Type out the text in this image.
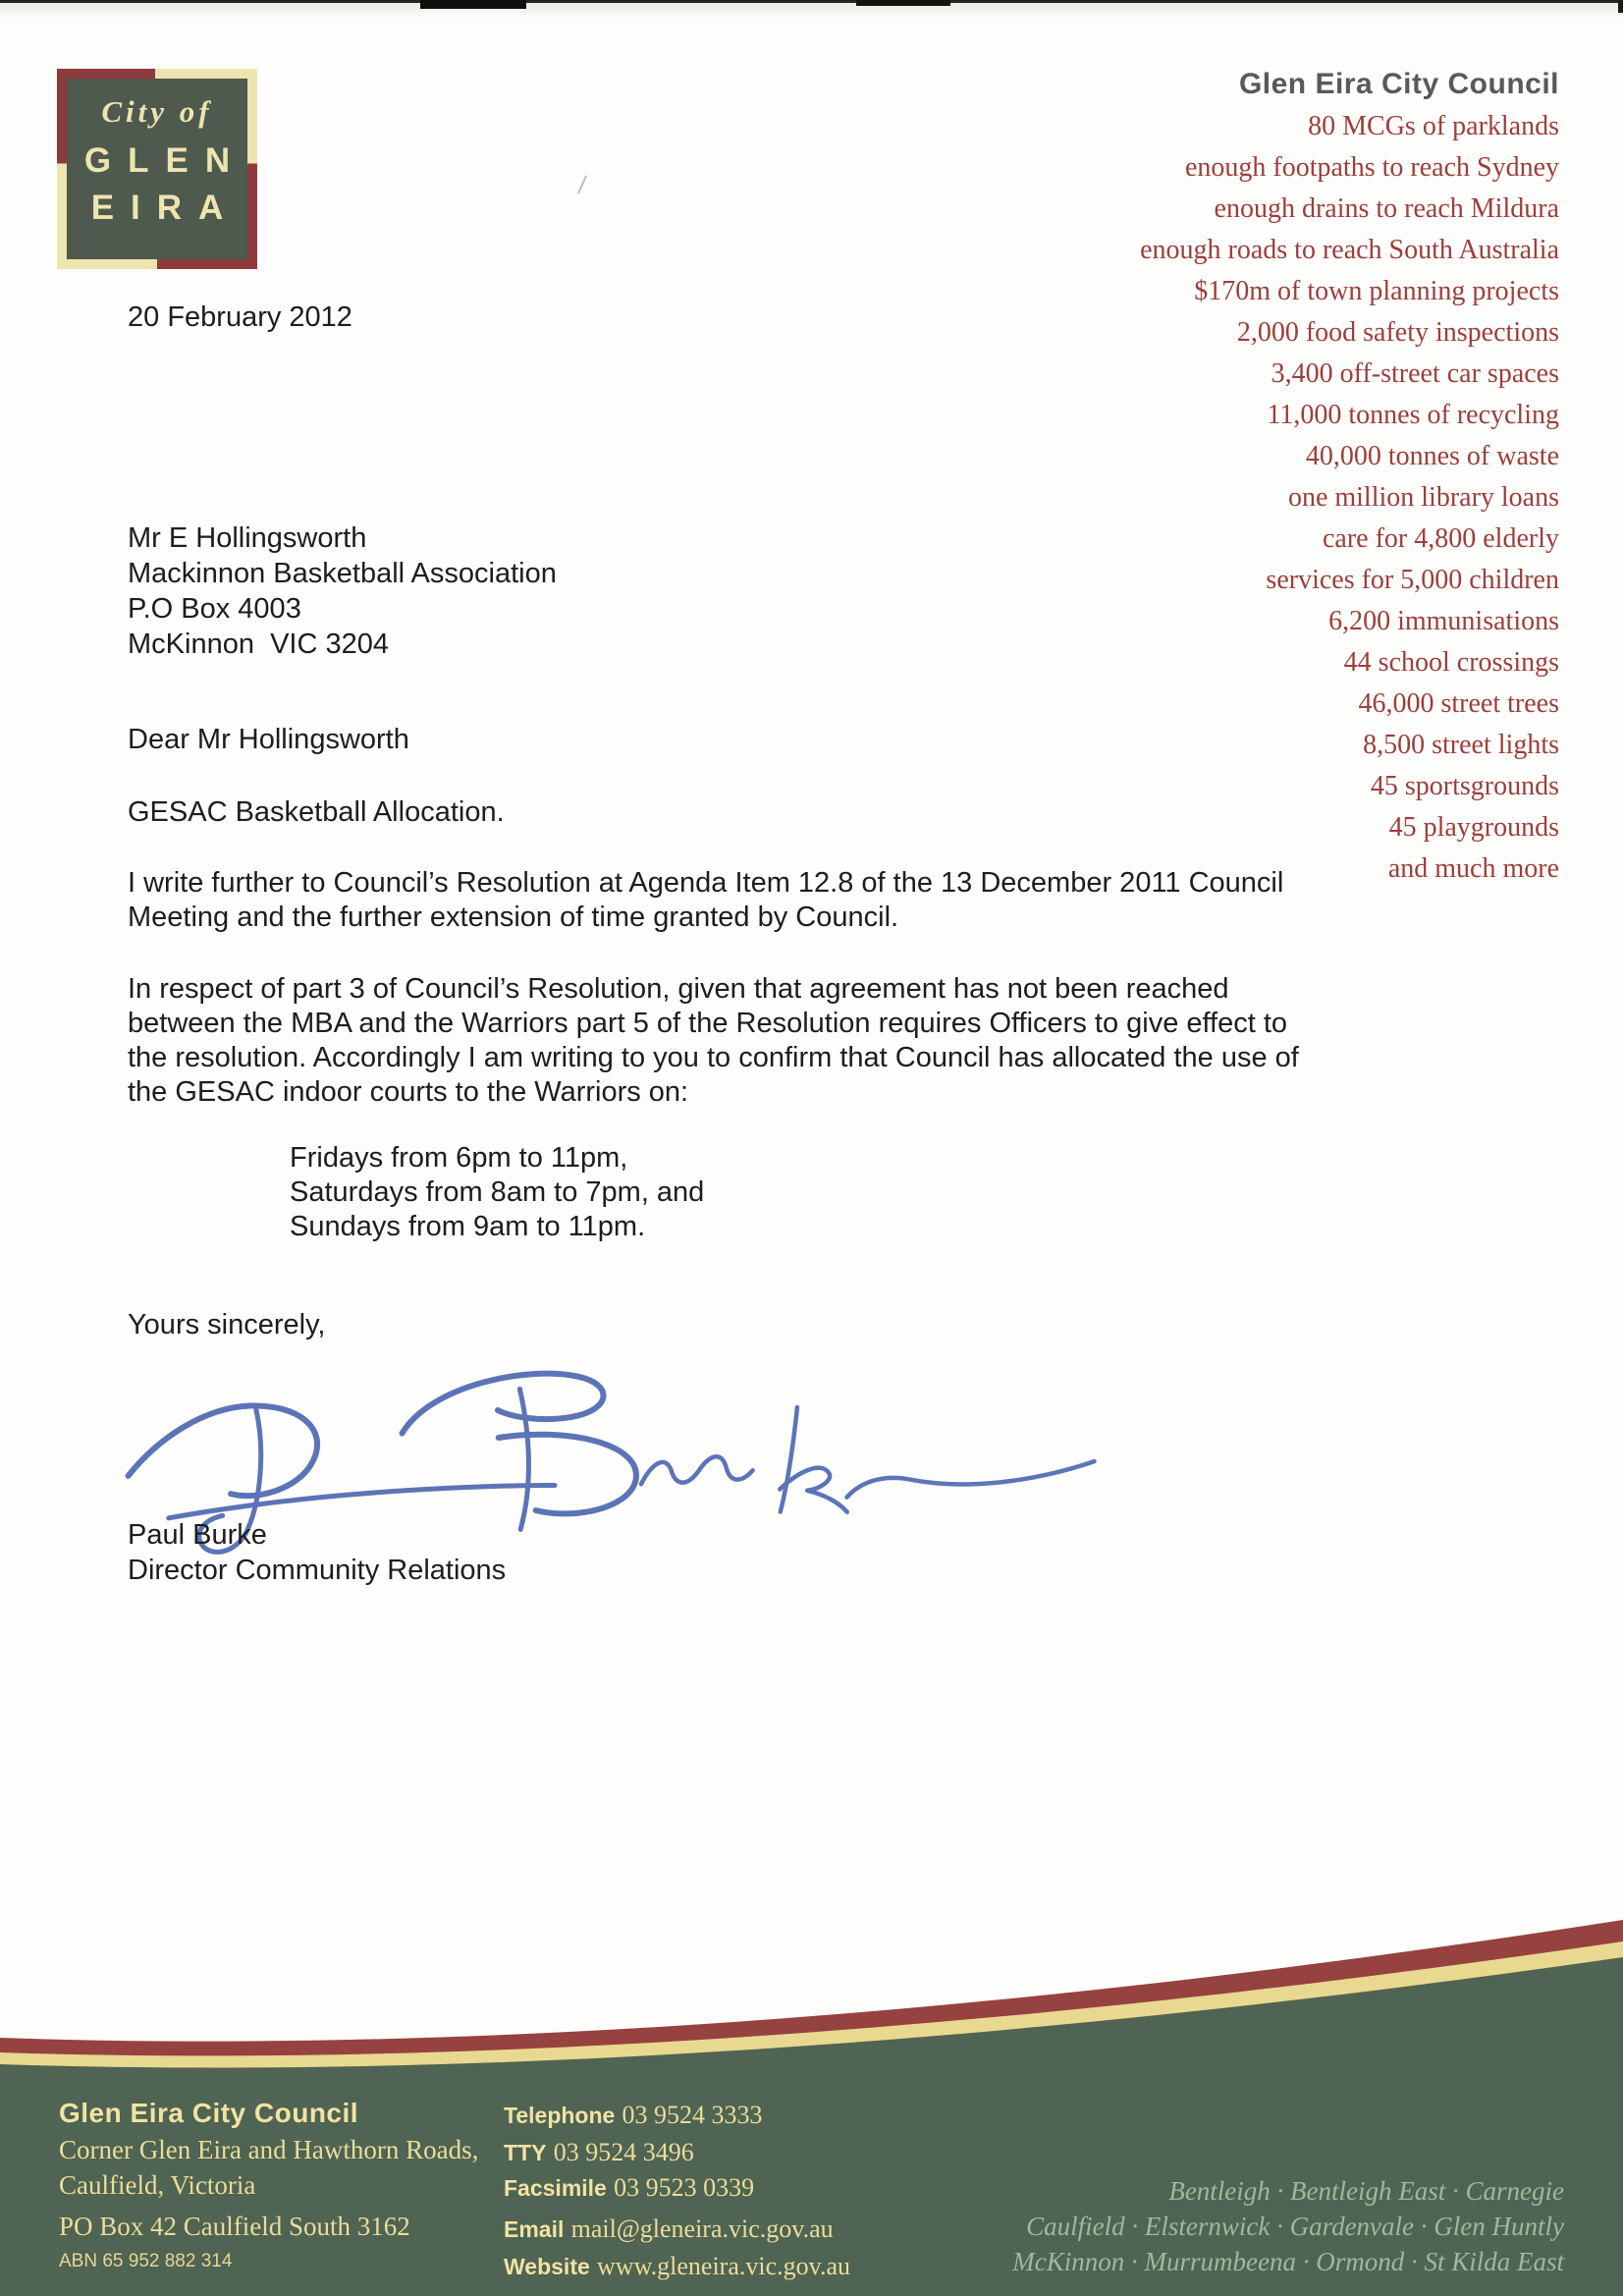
City of
GLEN
EIRA
Glen Eira City Council
80 MCGs of parklands
enough footpaths to reach Sydney
enough drains to reach Mildura
enough roads to reach South Australia
$170m of town planning projects
2,000 food safety inspections
3,400 off-street car spaces
11,000 tonnes of recycling
40,000 tonnes of waste
one million library loans
care for 4,800 elderly
services for 5,000 children
6,200 immunisations
44 school crossings
46,000 street trees
8,500 street lights
45 sportsgrounds
45 playgrounds
and much more
20 February 2012
Mr E Hollingsworth
Mackinnon Basketball Association
P.O Box 4003
McKinnon  VIC 3204
Dear Mr Hollingsworth
GESAC Basketball Allocation.
I write further to Council’s Resolution at Agenda Item 12.8 of the 13 December 2011 Council
Meeting and the further extension of time granted by Council.
In respect of part 3 of Council’s Resolution, given that agreement has not been reached
between the MBA and the Warriors part 5 of the Resolution requires Officers to give effect to
the resolution. Accordingly I am writing to you to confirm that Council has allocated the use of
the GESAC indoor courts to the Warriors on:
Fridays from 6pm to 11pm,
Saturdays from 8am to 7pm, and
Sundays from 9am to 11pm.
Yours sincerely,
Paul Burke
Director Community Relations
Glen Eira City Council
Corner Glen Eira and Hawthorn Roads,
Caulfield, Victoria
PO Box 42 Caulfield South 3162
ABN 65 952 882 314
Telephone 03 9524 3333
TTY 03 9524 3496
Facsimile 03 9523 0339
Email mail@gleneira.vic.gov.au
Website www.gleneira.vic.gov.au
Bentleigh · Bentleigh East · Carnegie
Caulfield · Elsternwick · Gardenvale · Glen Huntly
McKinnon · Murrumbeena · Ormond · St Kilda East
